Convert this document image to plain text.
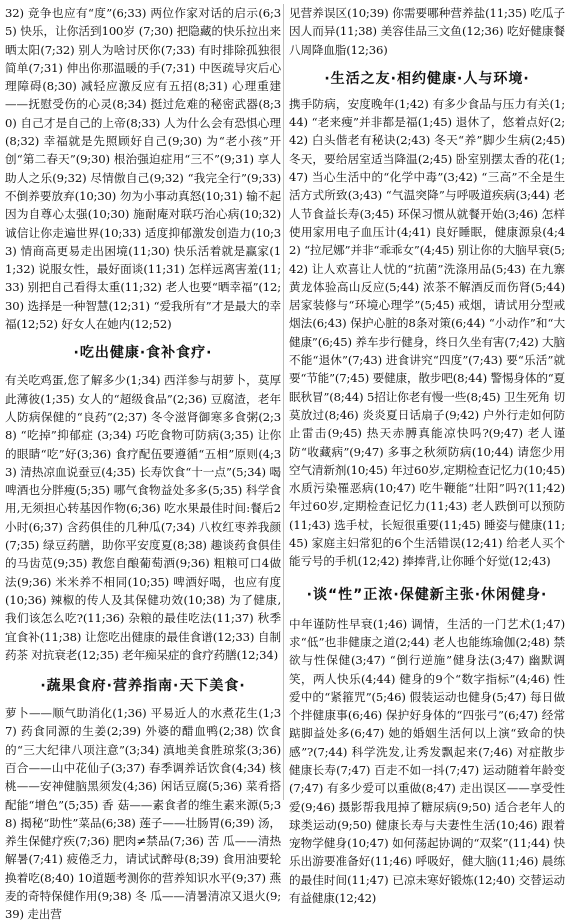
32) 竞争也应有“度”(6;33) 两位作家对话的启示(6;35) 快乐，让你活到100岁 (7;30) 把隐藏的快乐拉出来晒太阳(7;32) 别人为啥讨厌你(7;33) 有时排除孤独很简单(7;31) 伸出你那温暖的手(7;31) 中医疏导灾后心理障碍(8;30) 减轻应激反应有五招(8;31) 心理重建——抚慰受伤的心灵(8;34) 挺过危难的秘密武器(8;30) 自己才是自己的上帝(8;33) 人为什么会有恐惧心理(8;32) 幸福就是先照顾好自己(9;30) 为“老小孩”开创“第二春天”(9;30) 根治强迫症用“三不”(9;31) 享人助人之乐(9;32) 尽情傲自己(9;32) “我完全行”(9;33) 不倒养要放弃(10;30) 勿为小事动真怒(10;31) 输不起因为自尊心太强(10;30) 施耐庵对联巧治心病(10;32) 诚信让你走遍世界(10;33) 适度抑郁激发创造力(10;33) 情商高更易走出困境(11;30) 快乐活着就是赢家(11;32) 说服女性，最好面谈(11;31) 怎样远离害羞(11;33) 别把自己看得太重(11;32) 老人也要“晒幸福”(12;30) 选择是一种智慧(12;31) “爱我所有”才是最大的幸福(12;52) 好女人在她内(12;52)

·吃出健康·食补食疗·

有关吃鸡蛋,您了解多少(1;34) 西洋参与胡萝卜，莫厚此薄彼(1;35) 女人的“超级食品”(2;36) 豆腐渣，老年人防病保健的“良药”(2;37) 冬令滋肾御寒多食粥(2;38) “吃掉”抑郁症 (3;34) 巧吃食物可防病(3;35) 让你的眼睛“吃”好(3;36) 食疗配伍要遵循“五相”原则(4;33) 清热凉血说蚕豆(4;35) 长寿饮食“十一点”(5;34) 喝啤酒也分胖瘦(5;35) 哪气食物益处多多(5;35) 科学食用,无须担心转基因作物(6;36) 吃水果最佳时间:餐后2小时(6;37) 含药俱佳的几种瓜(7;34) 八枚红枣养我颜(7;35) 绿豆药膳，助你平安度夏(8;38) 趣谈药食俱佳的马齿苋(9;35) 教您自酿葡萄酒(9;36) 粗粮可口4做法(9;36) 米米养不相同(10;35) 啤酒好喝，也应有度(10;36) 辣椒的传人及其保健功效(10;38) 为了健康,我们该怎么吃?(11;36) 杂粮的最佳吃法(11;37) 秋季宜食补(11;38) 让您吃出健康的最佳食谱(12;33) 自制药茶 对抗衰老(12;35) 老年痴呆症的食疗药膳(12;34)

·蔬果食府·营养指南·天下美食·

萝卜——顺气助消化(1;36) 平易近人的水煮花生(1;37) 药食同源的生姜(2;39) 外婆的醋血鸭(2;38) 饮食的“三大纪律八项注意”(3;34) 滇地美食胜琼浆(3;36) 百合——山中花仙子(3;37) 春季调养话饮食(4;34) 核桃——安神健脑黑须发(4;36) 闲话豆腐(5;36) 菜肴搭配能“增色”(5;35) 香 菇——素食者的维生素来源(5;38) 揭秘“助性”菜品(6;38) 莲子——壮肠胃(6;39) 汤，养生保健疗疾(7;36) 肥肉≠禁品(7;36) 苦 瓜——清热解暑(7;41) 疲倦乏力，请试试醉母(8;39) 食用油要轮换着吃(8;40) 10道题考测你的营养知识水平(9;37) 燕麦的奇特保健作用(9;38) 冬 瓜——清暑清凉又退火(9;39) 走出营

见营养误区(10;39) 你需要哪种营养盐(11;35) 吃瓜子因人而异(11;38) 美容佳品三文鱼(12;36) 吃好健康餐 八周降血脂(12;36)

·生活之友·相约健康·人与环境·

携手防病，安度晚年(1;42) 有多少食品与压力有关(1;44) “老来瘦”并非都是福(1;45) 退休了，悠着点好(2;42) 白头偕老有秘诀(2;43) 冬天“养”脚少生病(2;45) 冬天，要给居室适当降温(2;45) 卧室别摆太香的花(1;47) 当心生活中的“化学中毒”(3;42) “三高”不全是生活方式所致(3;43) “气温突降”与呼吸道疾病(3;44) 老人节食益长寿(3;45) 环保习惯从就餐开始(3;46) 怎样使用家用电子血压计(4;41) 良好睡眠，健康源泉(4;42) “拉尼娜”并非“乖乖女”(4;45) 别让你的大脑早衰(5;42) 让人欢喜让人忧的“抗菌”洗涤用品(5;43) 在九寨黄龙体验高山反应(5;44) 浓茶不解酒反而伤肾(5;44) 居家装修与“环境心理学”(5;45) 戒烟，请试用分型戒烟法(6;43) 保护心脏的8条对策(6;44) “小动作”和“大健康”(6;45) 养车步行健身，终日久坐有害(7;42) 大脑不能“退休”(7;43) 进食讲究“四度”(7;43) 要“乐活”就要“节能”(7;45) 要健康，散步吧(8;44) 警惕身体的“夏眠秋冒”(8;44) 5招让你老有慢一些(8;45) 卫生死角 切莫放过(8;46) 炎炎夏日话扇子(9;42) 户外行走如何防止雷击(9;45) 热天赤膊真能凉快吗?(9;47) 老人谨防“收藏病”(9;47) 多事之秋须防病(10;44) 请您少用空气清新剂(10;45) 年过60岁,定期检查记忆力(10;45) 水质污染罹恶病(10;47) 吃牛鞭能“壮阳”吗?(11;42) 年过60岁,定期检查记忆力(11;43) 老人跌倒可以预防(11;43) 选手杖，长短很重要(11;45) 睡姿与健康(11;45) 家庭主妇常犯的6个生活错误(12;41) 给老人买个能亏号的手机(12;42) 捧捧背,让你睡个好觉(12;43)

·谈“性”正浓·保健新主张·休闲健身·

中年谨防性早衰(1;46) 调情，生活的一门艺术(1;47) 求“低”也非健康之道(2;44) 老人也能练瑜伽(2;48) 禁欲与性保健(3;47) “倒行逆施”健身法(3;47) 幽默调笑，两人快乐(4;44) 健身的9个“数字指标”(4;46) 性爱中的“紧箍咒”(5;46) 假装运动也健身(5;47) 每日做个拌健康事(6;46) 保护好身体的“四张弓”(6;47) 经常踮脚益处多(6;47) 她的婚姻生活何以上演“致命的快感”?(7;44) 科学洗发,让秀发飘起来(7;46) 对症散步 健康长寿(7;47) 百走不如一抖(7;47) 运动随着年龄变(7;47) 有多少爱可以重做(8;47) 走出误区——享受性爱(9;46) 摄影帮我甩掉了糖尿病(9;50) 适合老年人的球类运动(9;50) 健康长寿与夫妻性生活(10;46) 跟着宠物学健身(10;47) 如何荡起协调的“双桨”(11;44) 快乐出游要准备好(11;46) 呼吸好，健大脑(11;46) 晨练的最佳时间(11;47) 已凉未寒好锻炼(12;40) 交替运动有益健康(12;42)
